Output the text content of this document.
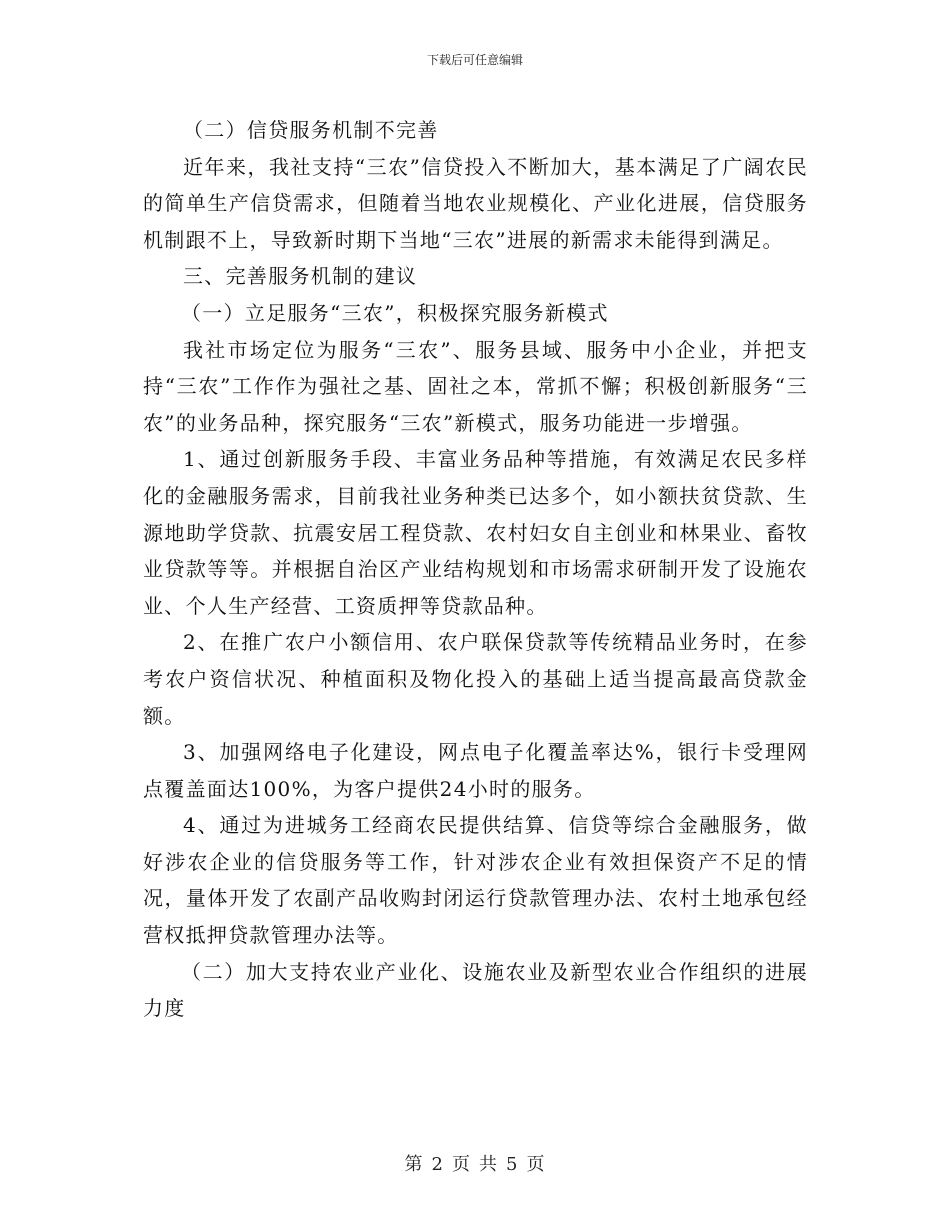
下载后可任意编辑

（二）信贷服务机制不完善

近年来，我社支持“三农”信贷投入不断加大，基本满足了广阔农民的简单生产信贷需求，但随着当地农业规模化、产业化进展，信贷服务机制跟不上，导致新时期下当地“三农”进展的新需求未能得到满足。

三、完善服务机制的建议

（一）立足服务“三农”，积极探究服务新模式

我社市场定位为服务“三农”、服务县域、服务中小企业，并把支持“三农”工作作为强社之基、固社之本，常抓不懈；积极创新服务“三农”的业务品种，探究服务“三农”新模式，服务功能进一步增强。

1、通过创新服务手段、丰富业务品种等措施，有效满足农民多样化的金融服务需求，目前我社业务种类已达多个，如小额扶贫贷款、生源地助学贷款、抗震安居工程贷款、农村妇女自主创业和林果业、畜牧业贷款等等。并根据自治区产业结构规划和市场需求研制开发了设施农业、个人生产经营、工资质押等贷款品种。

2、在推广农户小额信用、农户联保贷款等传统精品业务时，在参考农户资信状况、种植面积及物化投入的基础上适当提高最高贷款金额。

3、加强网络电子化建设，网点电子化覆盖率达%，银行卡受理网点覆盖面达100%，为客户提供24小时的服务。

4、通过为进城务工经商农民提供结算、信贷等综合金融服务，做好涉农企业的信贷服务等工作，针对涉农企业有效担保资产不足的情况，量体开发了农副产品收购封闭运行贷款管理办法、农村土地承包经营权抵押贷款管理办法等。

（二）加大支持农业产业化、设施农业及新型农业合作组织的进展力度

第 2 页 共 5 页
